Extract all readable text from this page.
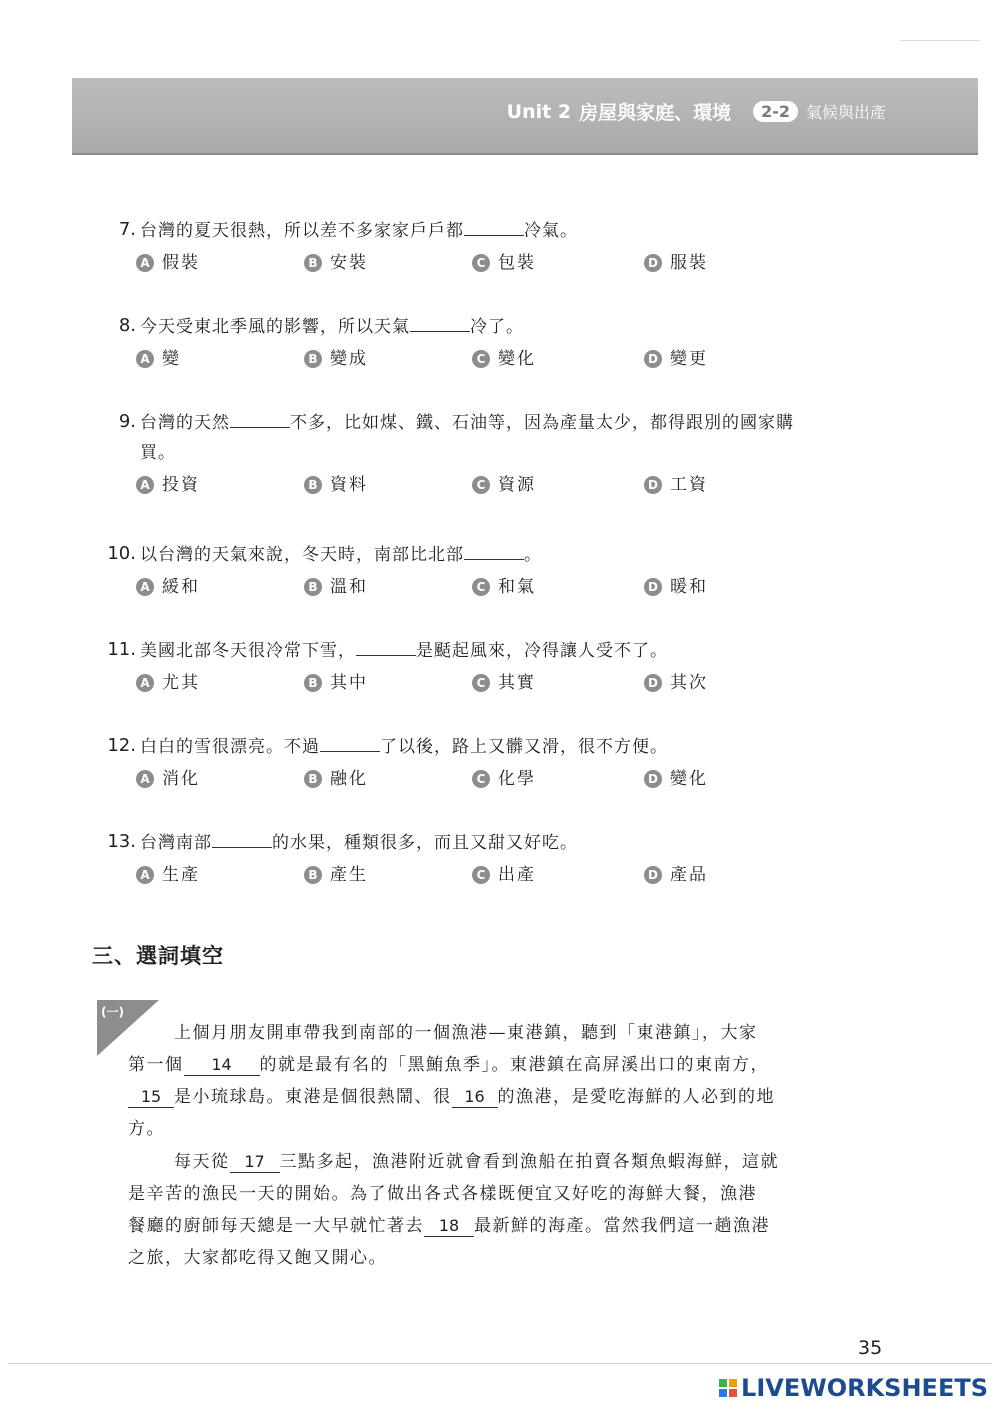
Unit 2 房屋與家庭、環境	2-2	氣候與出產
7. 台灣的夏天很熱，所以差不多家家戶戶都	冷氣。
A 假裝	B 安裝	C 包裝	D 服裝
8. 今天受東北季風的影響，所以天氣	冷了。
A 變	B 變成	C 變化	D 變更
9. 台灣的天然	不多，比如煤、鐵、石油等，因為產量太少，都得跟別的國家購
買。
A 投資	B 資料	C 資源	D 工資
10. 以台灣的天氣來說，冬天時，南部比北部	。
A 緩和	B 溫和	C 和氣	D 暖和
11. 美國北部冬天很冷常下雪，	是颳起風來，冷得讓人受不了。
A 尤其	B 其中	C 其實	D 其次
12. 白白的雪很漂亮。不過	了以後，路上又髒又滑，很不方便。
A 消化	B 融化	C 化學	D 變化
13. 台灣南部	的水果，種類很多，而且又甜又好吃。
A 生產	B 產生	C 出產	D 產品
三、選詞填空
(一)
上個月朋友開車帶我到南部的一個漁港—東港鎮，聽到「東港鎮」，大家
第一個 14 的就是最有名的「黑鮪魚季」。東港鎮在高屏溪出口的東南方，
15 是小琉球島。東港是個很熱鬧、很 16 的漁港，是愛吃海鮮的人必到的地
方。
每天從 17 三點多起，漁港附近就會看到漁船在拍賣各類魚蝦海鮮，這就
是辛苦的漁民一天的開始。為了做出各式各樣既便宜又好吃的海鮮大餐，漁港
餐廳的廚師每天總是一大早就忙著去 18 最新鮮的海產。當然我們這一趟漁港
之旅，大家都吃得又飽又開心。
35
LIVEWORKSHEETS
